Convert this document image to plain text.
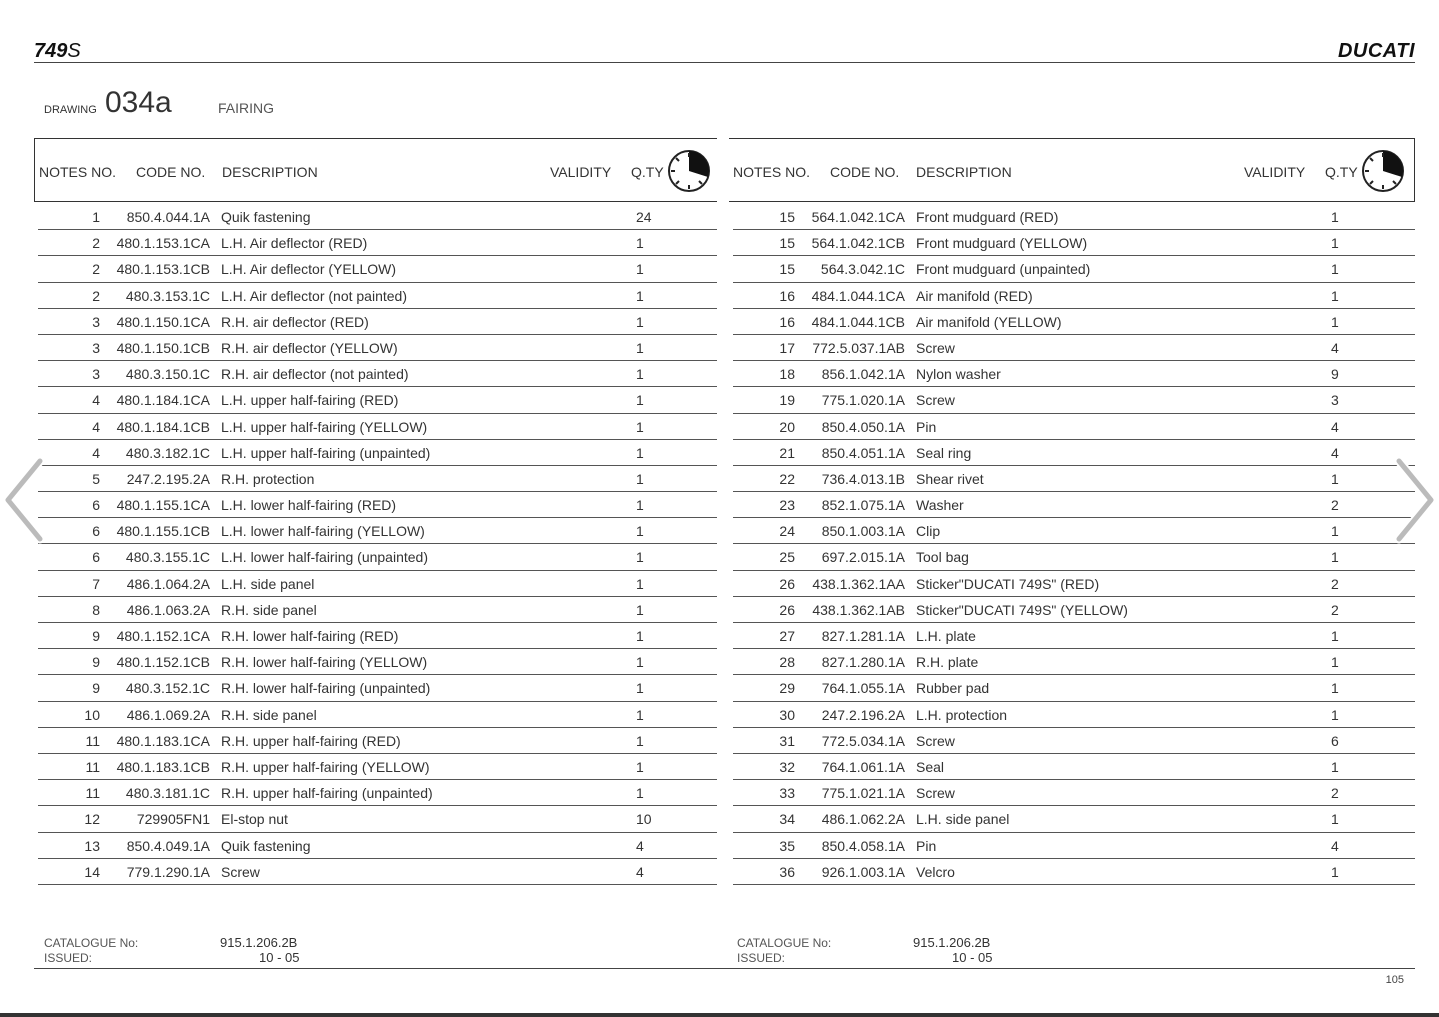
749S	DUCATI
DRAWING 034a	FAIRING
NOTES NO. CODE NO. DESCRIPTION	VALIDITY Q.TY
1	850.4.044.1A Quik fastening	24
2	480.1.153.1CA L.H. Air deflector (RED)	1
2	480.1.153.1CB L.H. Air deflector (YELLOW)	1
2	480.3.153.1C L.H. Air deflector (not painted)	1
3	480.1.150.1CA R.H. air deflector (RED)	1
3	480.1.150.1CB R.H. air deflector (YELLOW)	1
3	480.3.150.1C R.H. air deflector (not painted)	1
4	480.1.184.1CA L.H. upper half-fairing (RED)	1
4	480.1.184.1CB L.H. upper half-fairing (YELLOW)	1
4	480.3.182.1C L.H. upper half-fairing (unpainted)	1
5	247.2.195.2A R.H. protection	1
6	480.1.155.1CA L.H. lower half-fairing (RED)	1
6	480.1.155.1CB L.H. lower half-fairing (YELLOW)	1
6	480.3.155.1C L.H. lower half-fairing (unpainted)	1
7	486.1.064.2A L.H. side panel	1
8	486.1.063.2A R.H. side panel	1
9	480.1.152.1CA R.H. lower half-fairing (RED)	1
9	480.1.152.1CB R.H. lower half-fairing (YELLOW)	1
9	480.3.152.1C R.H. lower half-fairing (unpainted)	1
10	486.1.069.2A R.H. side panel	1
11	480.1.183.1CA R.H. upper half-fairing (RED)	1
11	480.1.183.1CB R.H. upper half-fairing (YELLOW)	1
11	480.3.181.1C R.H. upper half-fairing (unpainted)	1
12	729905FN1 El-stop nut	10
13	850.4.049.1A Quik fastening	4
14	779.1.290.1A Screw	4
NOTES NO. CODE NO. DESCRIPTION	VALIDITY Q.TY
15	564.1.042.1CA Front mudguard (RED)	1
15	564.1.042.1CB Front mudguard (YELLOW)	1
15	564.3.042.1C Front mudguard (unpainted)	1
16	484.1.044.1CA Air manifold (RED)	1
16	484.1.044.1CB Air manifold (YELLOW)	1
17	772.5.037.1AB Screw	4
18	856.1.042.1A Nylon washer	9
19	775.1.020.1A Screw	3
20	850.4.050.1A Pin	4
21	850.4.051.1A Seal ring	4
22	736.4.013.1B Shear rivet	1
23	852.1.075.1A Washer	2
24	850.1.003.1A Clip	1
25	697.2.015.1A Tool bag	1
26	438.1.362.1AA Sticker"DUCATI 749S" (RED)	2
26	438.1.362.1AB Sticker"DUCATI 749S" (YELLOW)	2
27	827.1.281.1A L.H. plate	1
28	827.1.280.1A R.H. plate	1
29	764.1.055.1A Rubber pad	1
30	247.2.196.2A L.H. protection	1
31	772.5.034.1A Screw	6
32	764.1.061.1A Seal	1
33	775.1.021.1A Screw	2
34	486.1.062.2A L.H. side panel	1
35	850.4.058.1A Pin	4
36	926.1.003.1A Velcro	1
CATALOGUE No:	915.1.206.2B
ISSUED:	10 - 05
CATALOGUE No:	915.1.206.2B
ISSUED:	10 - 05
105
